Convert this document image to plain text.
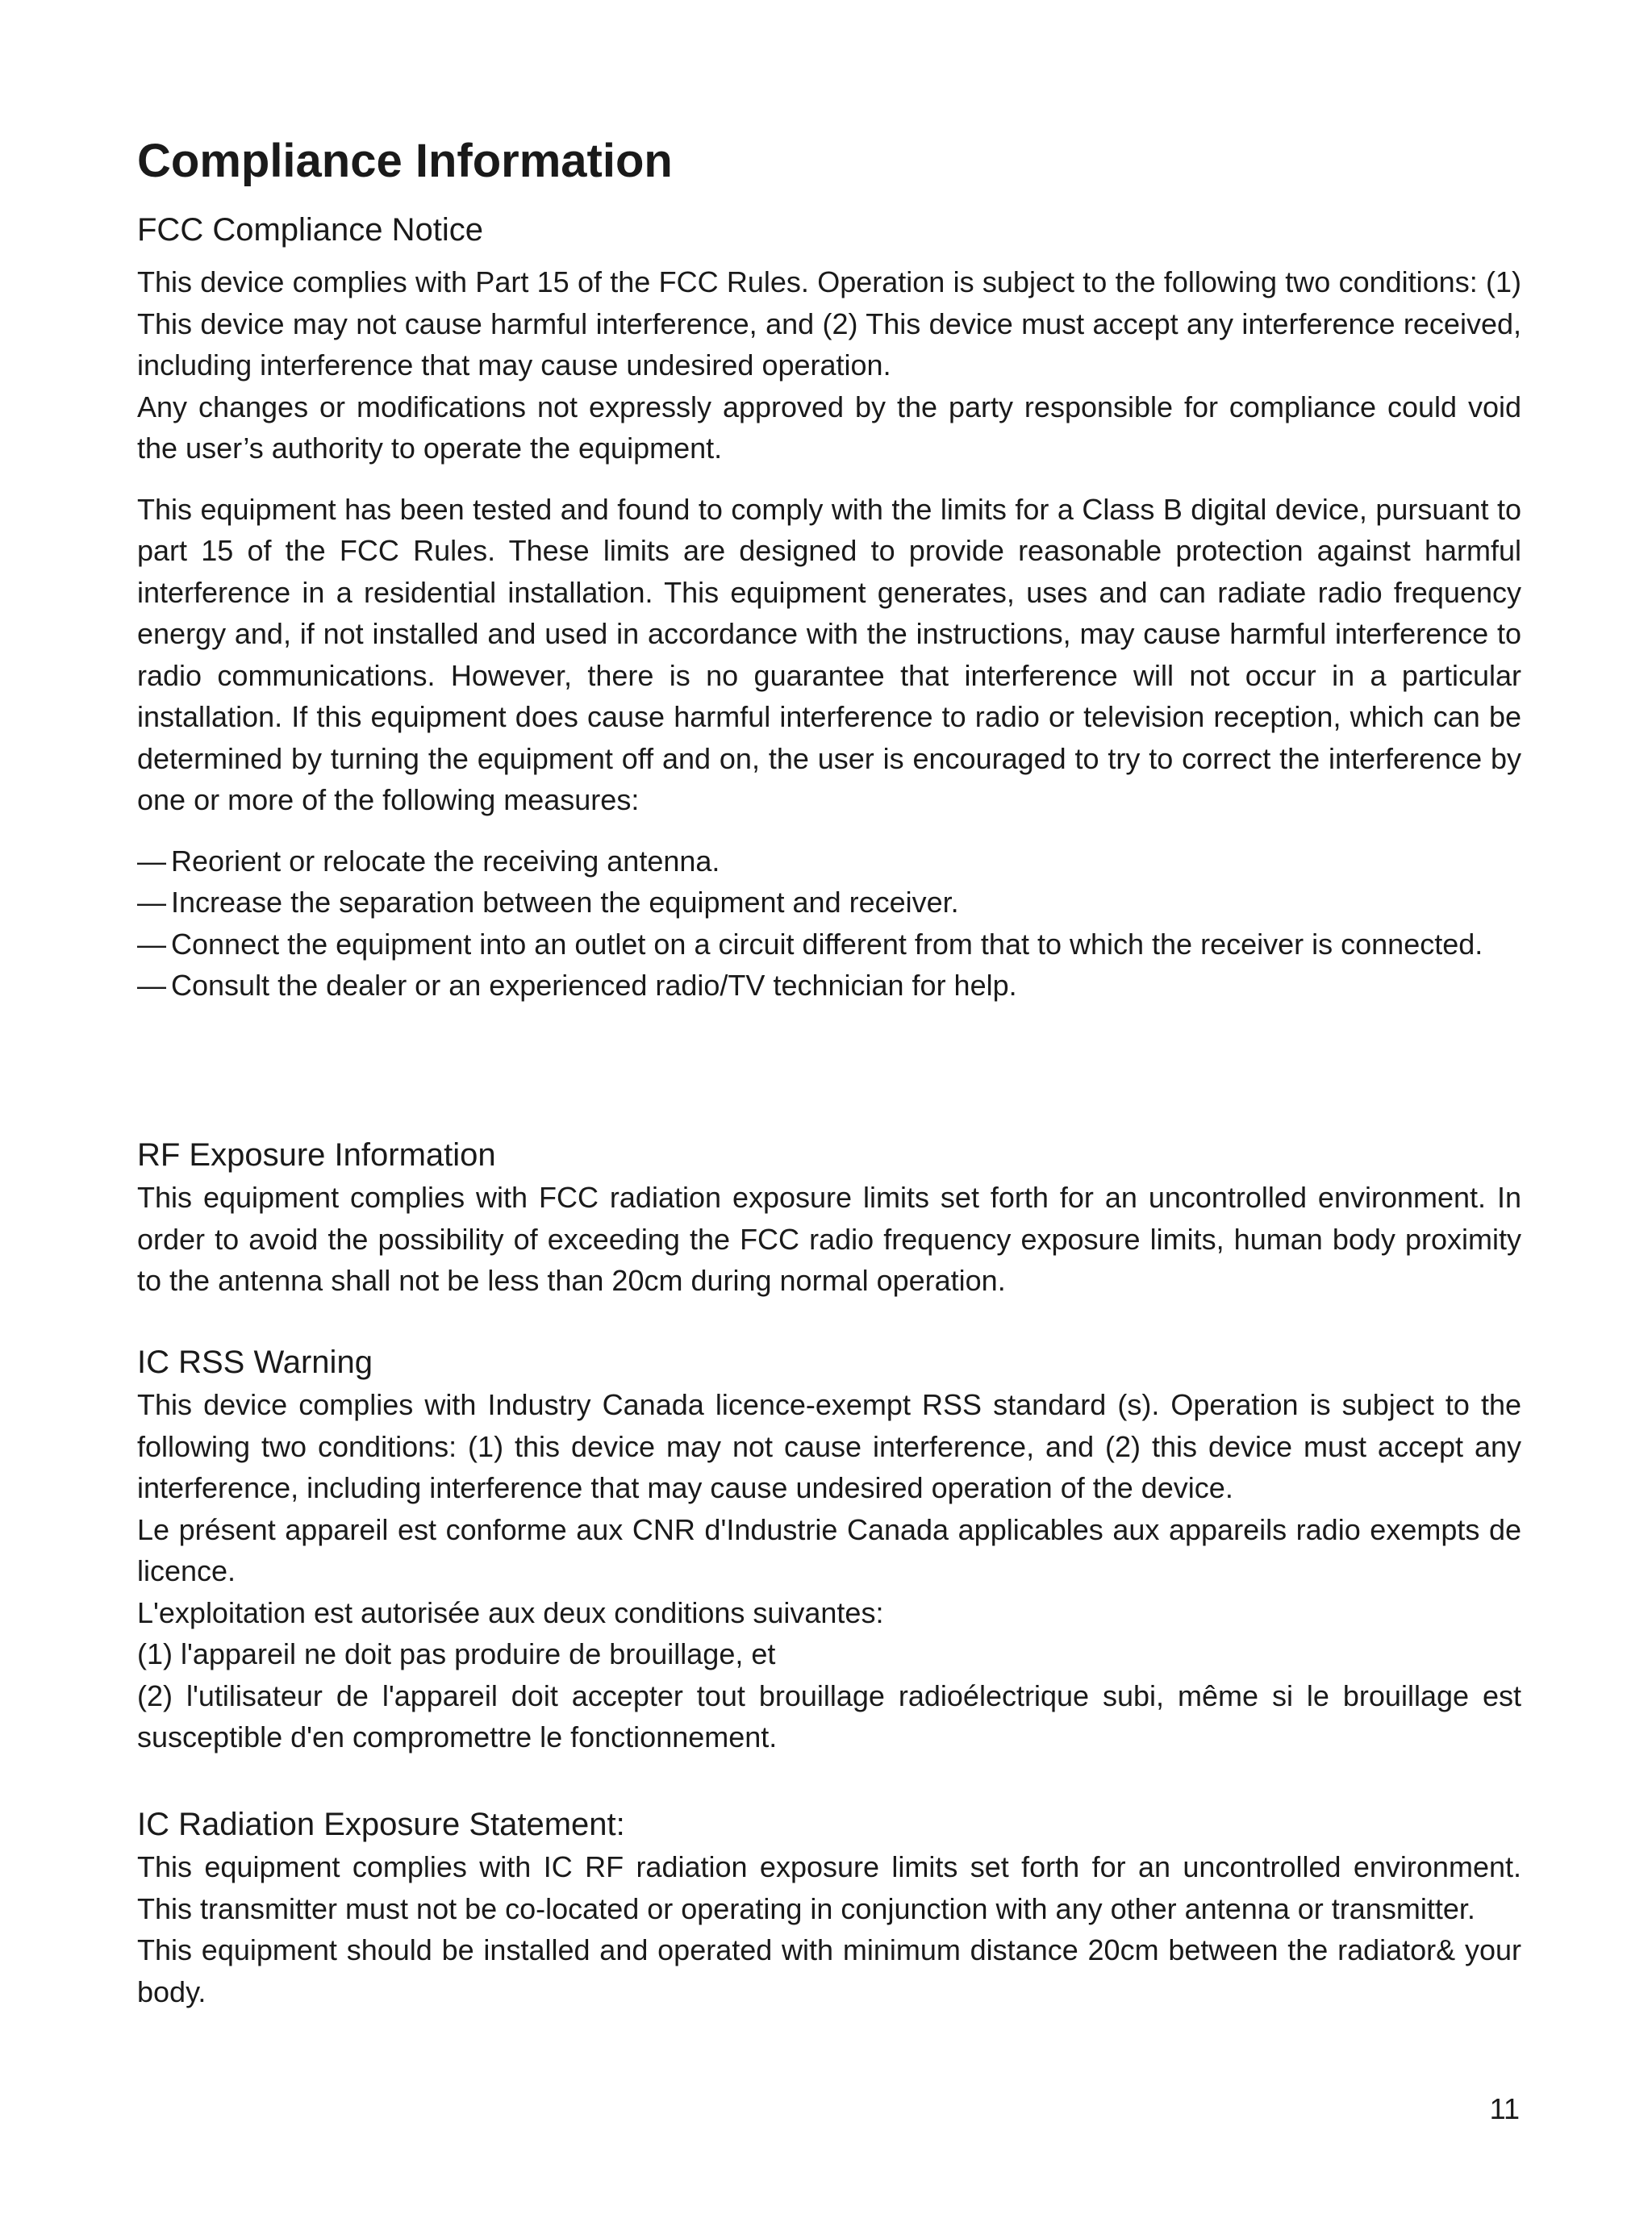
Compliance Information
FCC Compliance Notice

This device complies with Part 15 of the FCC Rules. Operation is subject to the following two conditions: (1) This device may not cause harmful interference, and (2) This device must accept any interference received, including interference that may cause undesired operation.

Any changes or modifications not expressly approved by the party responsible for compliance could void the user’s authority to operate the equipment.

This equipment has been tested and found to comply with the limits for a Class B digital device, pursuant to part 15 of the FCC Rules. These limits are designed to provide reasonable protection against harmful interference in a residential installation. This equipment generates, uses and can radiate radio frequency energy and, if not installed and used in accordance with the instructions, may cause harmful interference to radio communications. However, there is no guarantee that interference will not occur in a particular installation. If this equipment does cause harmful interference to radio or television reception, which can be determined by turning the equipment off and on, the user is encouraged to try to correct the interference by one or more of the following measures:

— Reorient or relocate the receiving antenna.
— Increase the separation between the equipment and receiver.
— Connect the equipment into an outlet on a circuit different from that to which the receiver is connected.
— Consult the dealer or an experienced radio/TV technician for help.
RF Exposure Information

This equipment complies with FCC radiation exposure limits set forth for an uncontrolled environment. In order to avoid the possibility of exceeding the FCC radio frequency exposure limits, human body proximity to the antenna shall not be less than 20cm during normal operation.

IC RSS Warning

This device complies with Industry Canada licence-exempt RSS standard (s). Operation is subject to the following two conditions: (1) this device may not cause interference, and (2) this device must accept any interference, including interference that may cause undesired operation of the device.

Le présent appareil est conforme aux CNR d'Industrie Canada applicables aux appareils radio exempts de licence.

L'exploitation est autorisée aux deux conditions suivantes:

(1) l'appareil ne doit pas produire de brouillage, et

(2) l'utilisateur de l'appareil doit accepter tout brouillage radioélectrique subi, même si le brouillage est susceptible d'en compromettre le fonctionnement.

IC Radiation Exposure Statement:

This equipment complies with IC RF radiation exposure limits set forth for an uncontrolled environment. This transmitter must not be co-located or operating in conjunction with any other antenna or transmitter.

This equipment should be installed and operated with minimum distance 20cm between the radiator& your body.

11
